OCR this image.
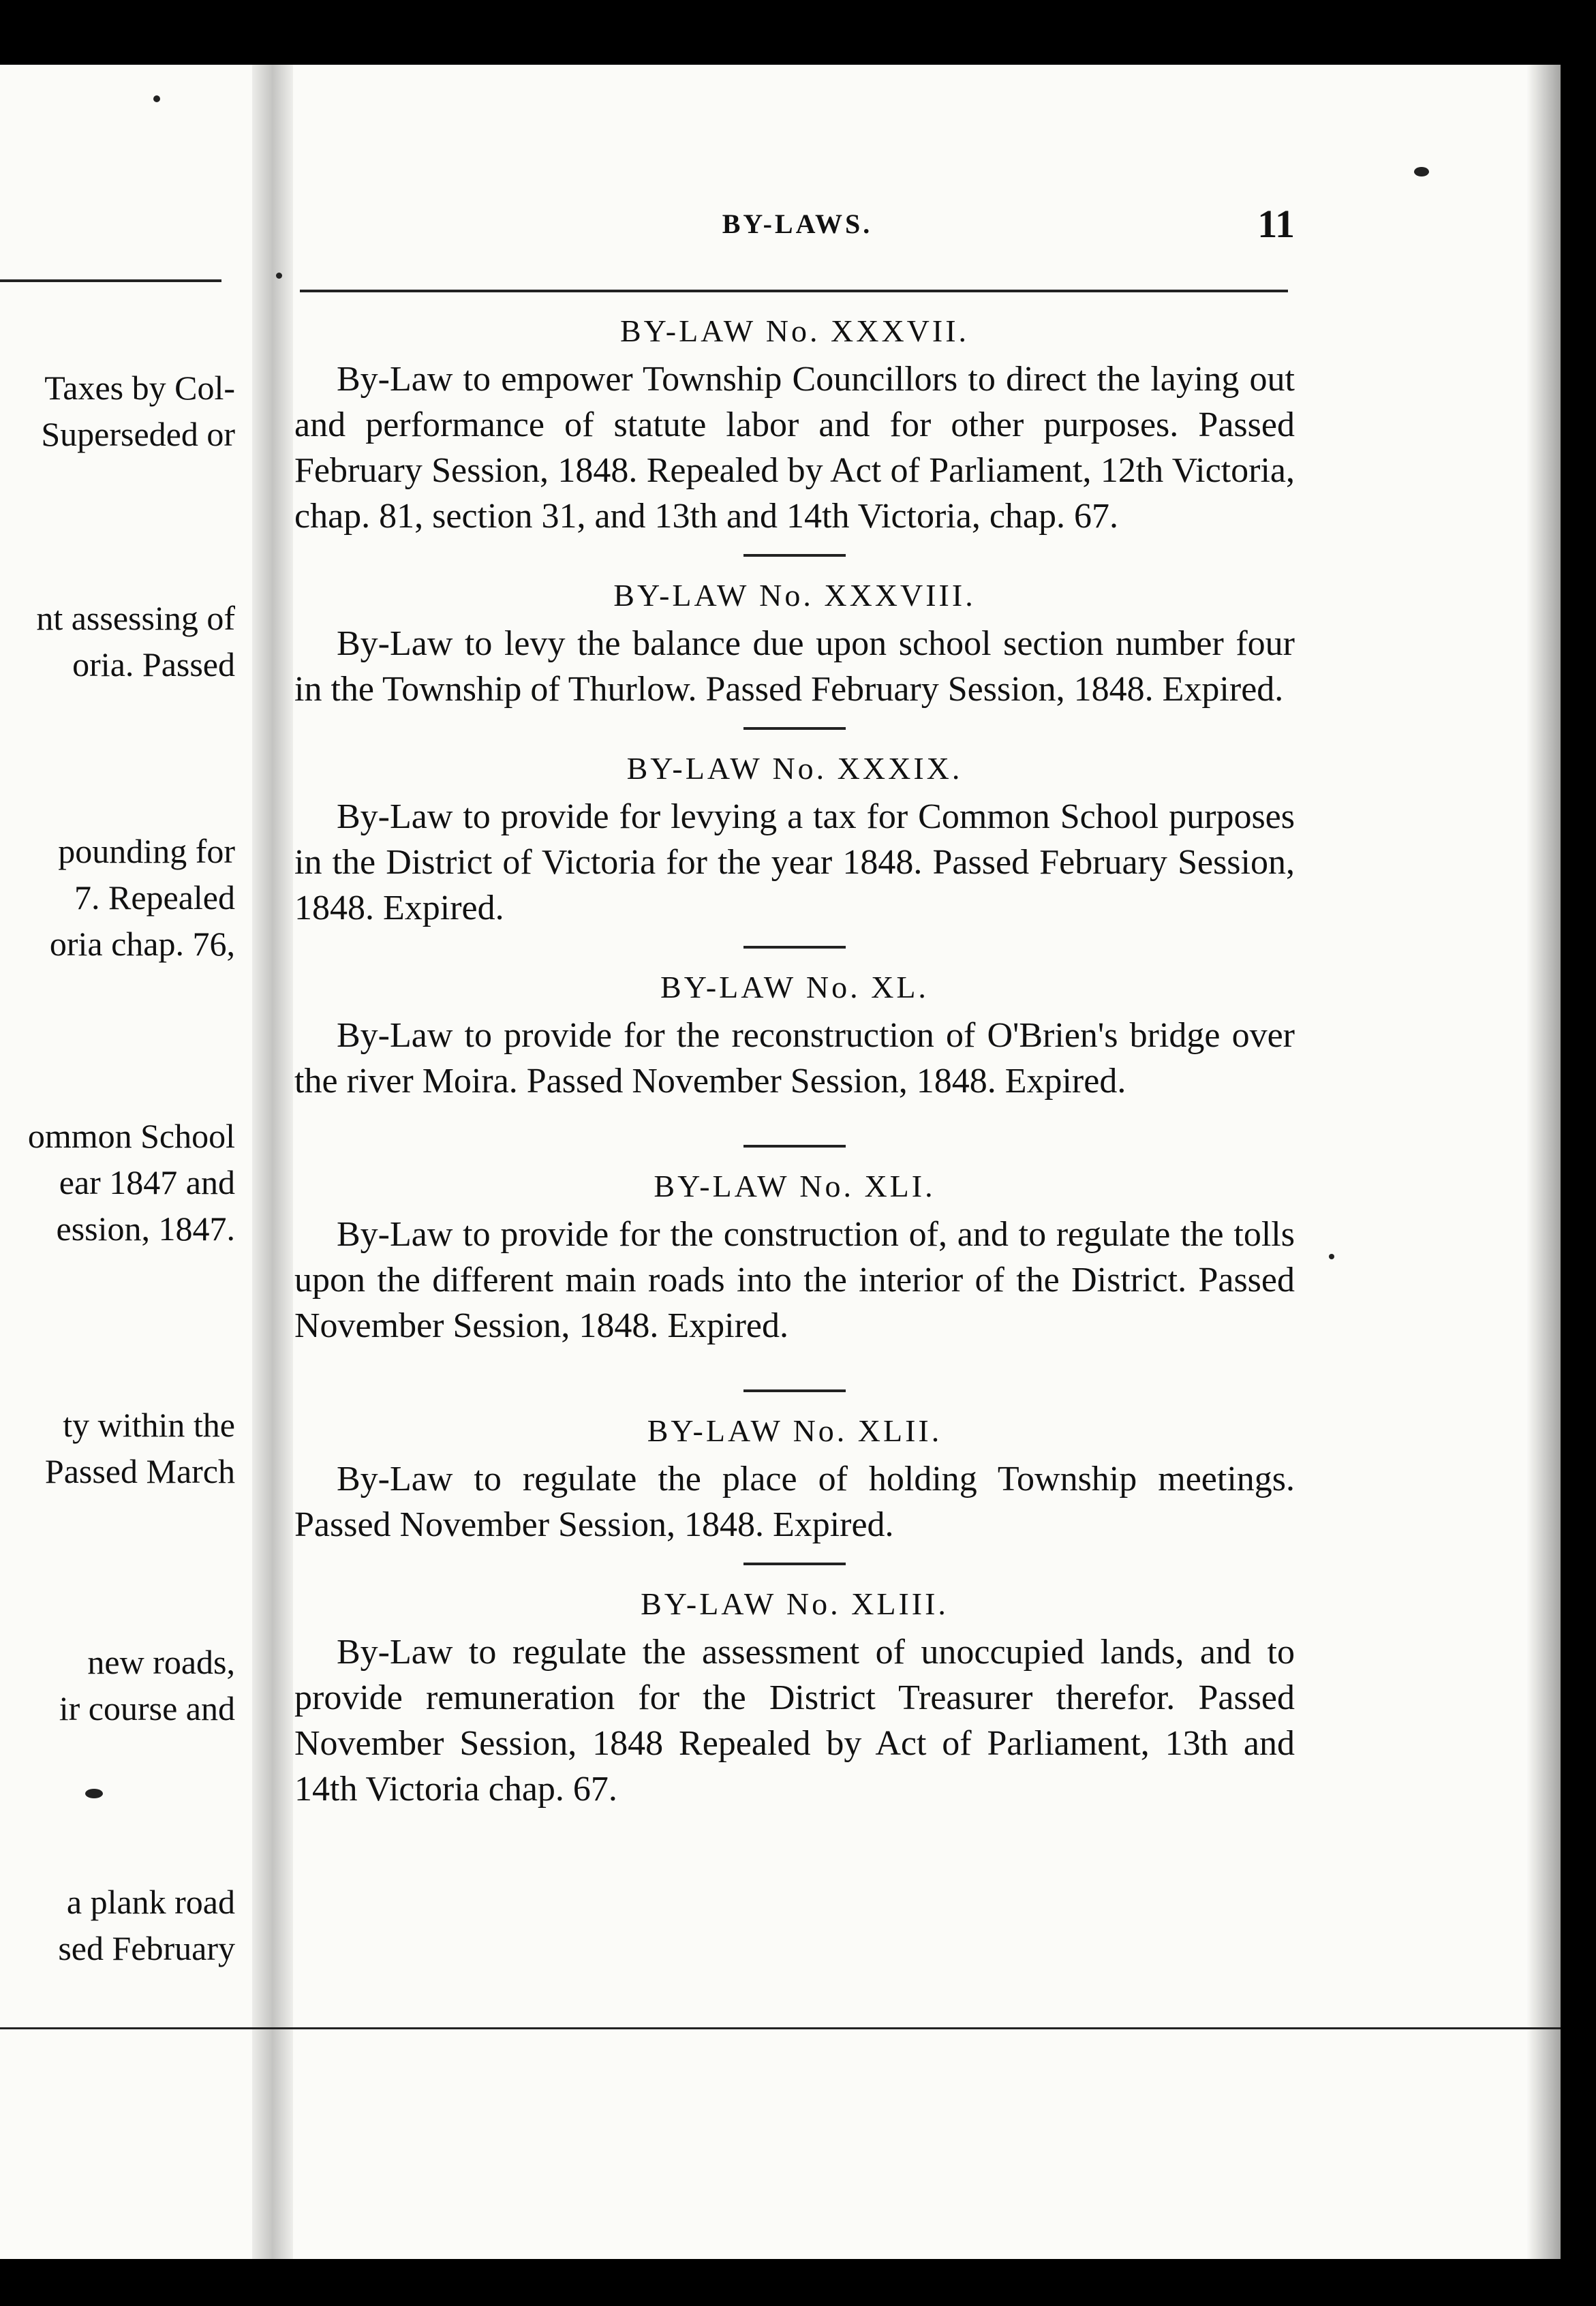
Taxes by Col-
Superseded or
nt assessing of
oria. Passed
pounding for
7. Repealed
oria chap. 76,
ommon School
ear 1847 and
ession, 1847.
ty within the
Passed March
new roads,
ir course and
a plank road
sed February
BY-LAWS.	11
BY-LAW No. XXXVII.

By-Law to empower Township Councillors to direct the laying out and performance of statute labor and for other purposes. Passed February Session, 1848. Repealed by Act of Parliament, 12th Victoria, chap. 81, section 31, and 13th and 14th Victoria, chap. 67.

BY-LAW No. XXXVIII.

By-Law to levy the balance due upon school section number four in the Township of Thurlow. Passed February Session, 1848. Expired.

BY-LAW No. XXXIX.

By-Law to provide for levying a tax for Common School purposes in the District of Victoria for the year 1848. Passed February Session, 1848. Expired.

BY-LAW No. XL.

By-Law to provide for the reconstruction of O'Brien's bridge over the river Moira. Passed November Session, 1848. Expired.

BY-LAW No. XLI.

By-Law to provide for the construction of, and to regulate the tolls upon the different main roads into the interior of the District. Passed November Session, 1848. Expired.

BY-LAW No. XLII.

By-Law to regulate the place of holding Township meetings. Passed November Session, 1848. Expired.

BY-LAW No. XLIII.

By-Law to regulate the assessment of unoccupied lands, and to provide remuneration for the District Treasurer therefor. Passed November Session, 1848 Repealed by Act of Parliament, 13th and 14th Victoria chap. 67.
